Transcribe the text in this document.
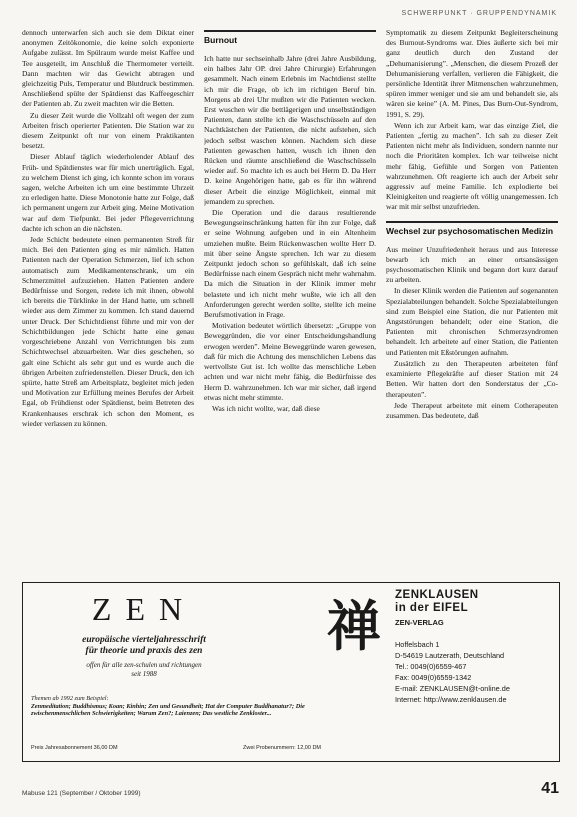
SCHWERPUNKT · GRUPPENDYNAMIK

dennoch unterwarfen sich auch sie dem Diktat einer anonymen Zeitökonomie, die keine solch exponierte Aufgabe zulässt. Im Spülraum wurde meist Kaffee und Tee ausgeteilt, im Anschluß die Thermometer verteilt. Dann machten wir das Gewicht abtragen und gleichzeitig Puls, Temperatur und Blutdruck bestimmen. Anschließend spülte der Spätdienst das Kaffeegeschirr der Patienten ab. Zu zweit machten wir die Betten.

Zu dieser Zeit wurde die Vollzahl oft wegen der zum Arbeiten frisch operierter Patienten. Die Station war zu diesem Zeitpunkt oft nur von einem Praktikanten besetzt.

Dieser Ablauf täglich wiederholender Ablauf des Früh- und Spätdienstes war für mich unerträglich. Egal, zu welchem Dienst ich ging, ich konnte schon im voraus sagen, welche Arbeiten ich um eine bestimmte Uhrzeit zu erledigen hatte. Diese Monotonie hatte zur Folge, daß ich permanent ungern zur Arbeit ging. Meine Motivation war auf dem Tiefpunkt. Bei jeder Pflegeverrichtung dachte ich schon an die nächsten.

Jede Schicht bedeutete einen permanenten Streß für mich. Bei den Patienten ging es mir nämlich. Hatten Patienten nach der Operation Schmerzen, lief ich schon automatisch zum Medikamentenschrank, um ein Schmerzmittel aufzuziehen. Hatten Patienten andere Bedürfnisse und Sorgen, redete ich mit ihnen, obwohl ich bereits die Türklinke in der Hand hatte, um schnell wieder aus dem Zimmer zu kommen. Ich stand dauernd unter Druck. Der Schichtdienst führte und mir von der Schichtbildungen jede Schicht hatte eine genau vorgeschriebene Anzahl von Verrichtungen bis zum Schichtwechsel abzuarbeiten. War dies geschehen, so galt eine Schicht als sehr gut und es wurde auch die übrigen Arbeiten zufriedenstellen. Dieser Druck, den ich spürte, hatte Streß am Arbeitsplatz, begleitet mich jeden und Motivation zur Erfüllung meines Berufes der Arbeit Egal, ob Frühdienst oder Spätdienst, beim Betreten des Krankenhauses erschrak ich schon den Moment, es wieder verlassen zu können.

Burnout

Ich hatte nur sechseinhalb Jahre (drei Jahre Ausbildung, ein halbes Jahr OP. drei Jahre Chirurgie) Erfahrungen gesammelt. Nach einem Erlebnis im Nachtdienst stellte ich mir die Frage, ob ich im richtigen Beruf bin. Morgens ab drei Uhr mußten wir die Patienten wecken. Erst wuschen wir die bettlägerigen und unselbständigen Patienten, dann stellte ich die Waschschüsseln auf den Nachtkästchen der Patienten, die nicht aufstehen, sich jedoch selbst waschen können. Nachdem sich diese Patienten gewaschen hatten, wusch ich ihnen den Rücken und räumte anschließend die Waschschüsseln wieder auf. So machte ich es auch bei Herrn D. Da Herr D. keine Angehörigen hatte, gab es für ihn während dieser Arbeit die einzige Möglichkeit, einmal mit jemandem zu sprechen.

Die Operation und die daraus resultierende Bewegungseinschränkung hatten für ihn zur Folge, daß er seine Wohnung aufgeben und in ein Altenheim umziehen mußte. Beim Rückenwaschen wollte Herr D. mit über seine Ängste sprechen. Ich war zu diesem Zeitpunkt jedoch schon so gefühlskalt, daß ich seine Bedürfnisse nach einem Gespräch nicht mehr wahrnahm. Da mich die Situation in der Klinik immer mehr belastete und ich nicht mehr wußte, wie ich all den Anforderungen gerecht werden sollte, stellte ich meine Berufsmotivation in Frage.

Motivation bedeutet wörtlich übersetzt: „Gruppe von Beweggründen, die vor einer Entscheidungshandlung erwogen werden”. Meine Beweggründe waren gewesen, daß für mich die Achtung des menschlichen Lebens das wertvollste Gut ist. Ich wollte das menschliche Leben achten und war nicht mehr fähig, die Bedürfnisse des Herrn D. wahrzunehmen. Ich war mir sicher, daß irgend etwas nicht mehr stimmte.

Was ich nicht wollte, war, daß diese

Symptomatik zu diesem Zeitpunkt Begleiterscheinung des Burnout-Syndroms war. Dies äußerte sich bei mir ganz deutlich durch den Zustand der „Dehumanisierung”. „Menschen, die diesem Prozeß der Dehumanisierung verfallen, verlieren die Fähigkeit, die persönliche Identität ihrer Mitmenschen wahrzunehmen, spüren immer weniger und sie am und behandelt sie, als wären sie keine” (A. M. Pines, Das Burn-Out-Syndrom, 1991, S. 29).

Wenn ich zur Arbeit kam, war das einzige Ziel, die Patienten „fertig zu machen”. Ich sah zu dieser Zeit Patienten nicht mehr als Individuen, sondern nannte nur noch die Prioritäten komplex. Ich war teilweise nicht mehr fähig, Gefühle und Sorgen von Patienten wahrzunehmen. Oft reagierte ich auch der Arbeit sehr aggressiv auf meine Familie. Ich explodierte bei Kleinigkeiten und reagierte oft völlig unangemessen. Ich war mit mir selbst unzufrieden.

Wechsel zur psychosomatischen Medizin

Aus meiner Unzufriedenheit heraus und aus Interesse bewarb ich mich an einer ortsansässigen psychosomatischen Klinik und begann dort kurz darauf zu arbeiten.

In dieser Klinik werden die Patienten auf sogenannten Spezialabteilungen behandelt. Solche Spezialabteilungen sind zum Beispiel eine Station, die nur Patienten mit Angststörungen behandelt; oder eine Station, die Patienten mit chronischen Schmerzsyndromen behandelt. Ich arbeitete auf einer Station, die Patienten und Patienten mit Eßstörungen aufnahm.

Zusätzlich zu den Therapeuten arbeiteten fünf examinierte Pflegekräfte auf dieser Station mit 24 Betten. Wir hatten dort den Sonderstatus der „Co-therapeuten”.

Jede Therapeut arbeitete mit einem Cotherapeuten zusammen. Das bedeutete, daß

ZEN
europäische vierteljahresschrift
für theorie und praxis des zen
offen für alle zen-schulen und richtungen
seit 1988
Themen ab 1992 zum Beispiel:
Zenmeditation; Buddhismus; Koan; Kinhin; Zen und Gesundheit; Hat der Computer Buddhanatur?; Die zwischenmenschlichen Schwierigkeiten; Warum Zen?; Laienzen; Das westliche Zenkloster...
Preis Jahresabonnement 36,00 DM	Zwei Probenummern: 12,00 DM
禅	ZENKLAUSEN
in der EIFEL
ZEN-VERLAG
Hoffelsbach 1
D-54619 Lautzerath, Deutschland
Tel.: 0049(0)6559-467
Fax: 0049(0)6559-1342
E-mail: ZENKLAUSEN@t-online.de
Internet: http://www.zenklausen.de
Mabuse 121 (September / Oktober 1999)	41
